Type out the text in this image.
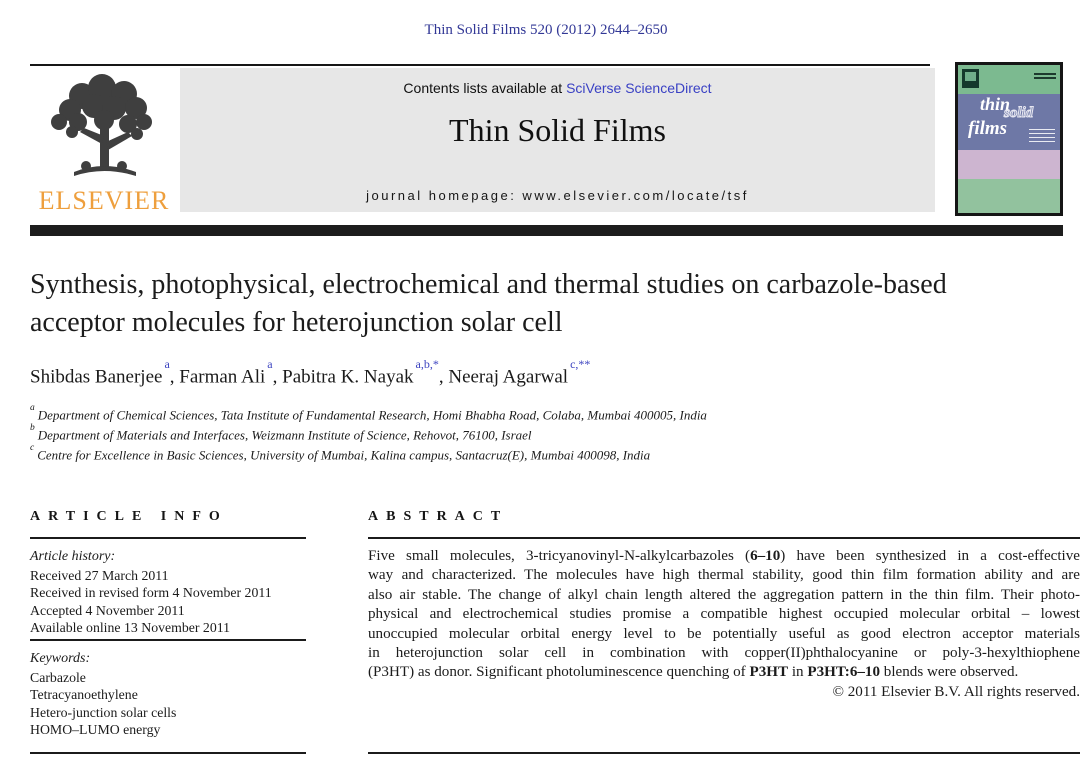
Thin Solid Films 520 (2012) 2644–2650
ELSEVIER
Contents lists available at SciVerse ScienceDirect
Thin Solid Films
journal homepage: www.elsevier.com/locate/tsf
thin
solid
films
Synthesis, photophysical, electrochemical and thermal studies on carbazole-based
acceptor molecules for heterojunction solar cell
Shibdas Banerjee$^a$, Farman Ali$^a$, Pabitra K. Nayak$^{a,b,*}$, Neeraj Agarwal$^{c,**}$
$^a$ Department of Chemical Sciences, Tata Institute of Fundamental Research, Homi Bhabha Road, Colaba, Mumbai 400005, India
$^b$ Department of Materials and Interfaces, Weizmann Institute of Science, Rehovot, 76100, Israel
$^c$ Centre for Excellence in Basic Sciences, University of Mumbai, Kalina campus, Santacruz(E), Mumbai 400098, India
ARTICLE INFO	ABSTRACT
Article history:
Received 27 March 2011
Received in revised form 4 November 2011
Accepted 4 November 2011
Available online 13 November 2011
Keywords:
Carbazole
Tetracyanoethylene
Hetero-junction solar cells
HOMO–LUMO energy
Five small molecules, 3-tricyanovinyl-N-alkylcarbazoles (6–10) have been synthesized in a cost-effective
way and characterized. The molecules have high thermal stability, good thin film formation ability and are
also air stable. The change of alkyl chain length altered the aggregation pattern in the thin film. Their photo-
physical and electrochemical studies promise a compatible highest occupied molecular orbital – lowest
unoccupied molecular orbital energy level to be potentially useful as good electron acceptor materials
in heterojunction solar cell in combination with copper(II)phthalocyanine or poly-3-hexylthiophene
(P3HT) as donor. Significant photoluminescence quenching of P3HT in P3HT:6–10 blends were observed.
© 2011 Elsevier B.V. All rights reserved.
